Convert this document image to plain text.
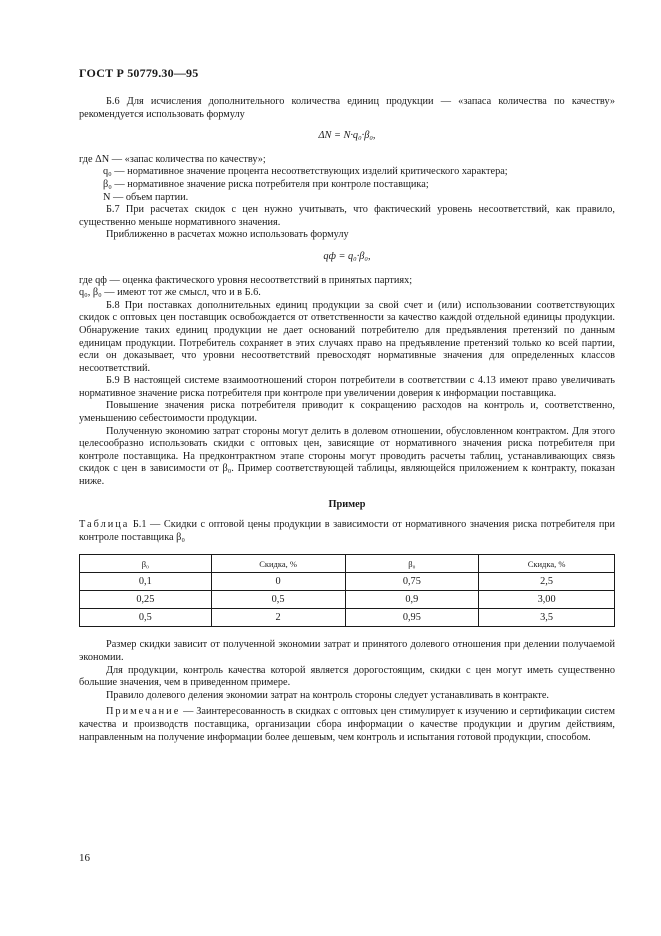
ГОСТ Р 50779.30—95

Б.6 Для исчисления дополнительного количества единиц продукции — «запаса количества по качеству» рекомендуется использовать формулу

ΔN = N·q₀·β₀,

где ΔN — «запас количества по качеству»;

q₀ — нормативное значение процента несоответствующих изделий критического характера;

β₀ — нормативное значение риска потребителя при контроле поставщика;

N — объем партии.

Б.7 При расчетах скидок с цен нужно учитывать, что фактический уровень несоответствий, как правило, существенно меньше нормативного значения.

Приближенно в расчетах можно использовать формулу

qф = q₀·β₀,

где qф — оценка фактического уровня несоответствий в принятых партиях;

q₀, β₀ — имеют тот же смысл, что и в Б.6.

Б.8 При поставках дополнительных единиц продукции за свой счет и (или) использовании соответствующих скидок с оптовых цен поставщик освобождается от ответственности за качество каждой отдельной единицы продукции. Обнаружение таких единиц продукции не дает оснований потребителю для предъявления претензий по данным единицам продукции. Потребитель сохраняет в этих случаях право на предъявление претензий только ко всей партии, если он доказывает, что уровни несоответствий превосходят нормативные значения для определенных классов несоответствий.

Б.9 В настоящей системе взаимоотношений сторон потребители в соответствии с 4.13 имеют право увеличивать нормативное значение риска потребителя при контроле при увеличении доверия к информации поставщика.

Повышение значения риска потребителя приводит к сокращению расходов на контроль и, соответственно, уменьшению себестоимости продукции.

Полученную экономию затрат стороны могут делить в долевом отношении, обусловленном контрактом. Для этого целесообразно использовать скидки с оптовых цен, зависящие от нормативного значения риска потребителя при контроле поставщика. На предконтрактном этапе стороны могут проводить расчеты таблиц, устанавливающих связь скидок с цен в зависимости от β₀. Пример соответствующей таблицы, являющейся приложением к контракту, показан ниже.

Пример

Таблица Б.1 — Скидки с оптовой цены продукции в зависимости от нормативного значения риска потребителя при контроле поставщика β₀

β₀	Скидка, %	β₀	Скидка, %
0,1	0	0,75	2,5
0,25	0,5	0,9	3,00
0,5	2	0,95	3,5

Размер скидки зависит от полученной экономии затрат и принятого долевого отношения при делении получаемой экономии.

Для продукции, контроль качества которой является дорогостоящим, скидки с цен могут иметь существенно большие значения, чем в приведенном примере.

Правило долевого деления экономии затрат на контроль стороны следует устанавливать в контракте.

Примечание — Заинтересованность в скидках с оптовых цен стимулирует к изучению и сертификации систем качества и производств поставщика, организации сбора информации о качестве продукции и другим действиям, направленным на получение информации более дешевым, чем контроль и испытания готовой продукции, способом.

16
